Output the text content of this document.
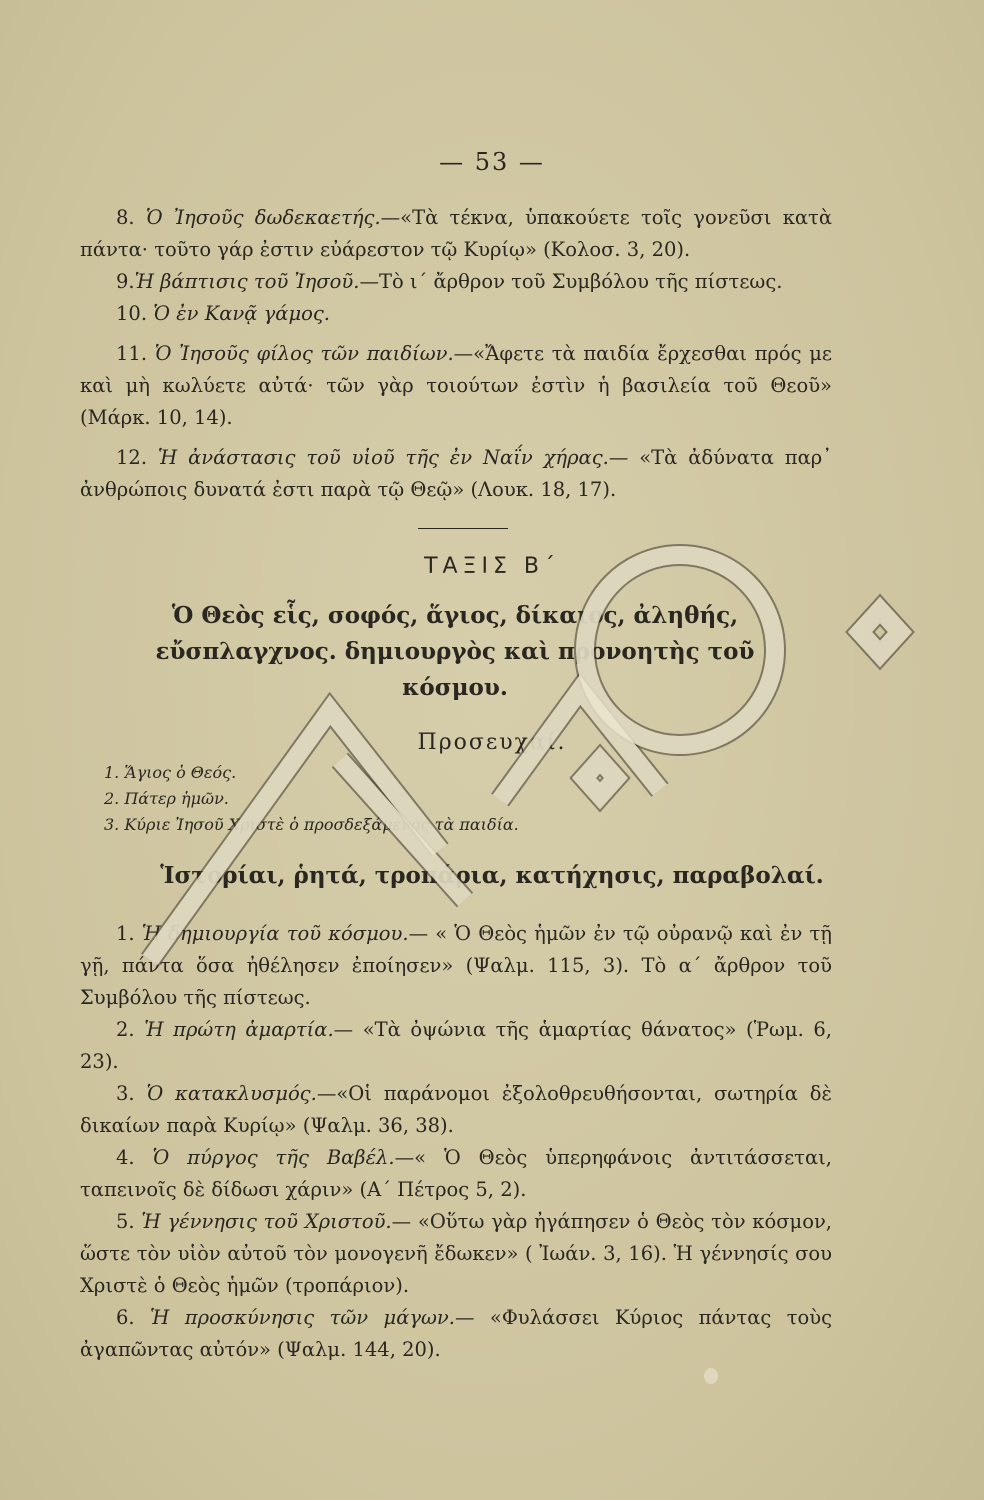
— 53 —

8. Ὁ Ἰησοῦς δωδεκαετής.—«Τὰ τέκνα, ὑπακούετε τοῖς γονεῦσι κατὰ πάντα· τοῦτο γάρ ἐστιν εὐάρεστον τῷ Κυρίῳ» (Κολοσ. 3, 20).

9.Ἡ βάπτισις τοῦ Ἰησοῦ.—Τὸ ι΄ ἄρθρον τοῦ Συμβόλου τῆς πίστεως.

10. Ὁ ἐν Κανᾷ γάμος.

11. Ὁ Ἰησοῦς φίλος τῶν παιδίων.—«Ἄφετε τὰ παιδία ἔρχεσθαι πρός με καὶ μὴ κωλύετε αὐτά· τῶν γὰρ τοιούτων ἐστὶν ἡ βασιλεία τοῦ Θεοῦ» (Μάρκ. 10, 14).

12. Ἡ ἀνάστασις τοῦ υἱοῦ τῆς ἐν Ναΐν χήρας.— «Τὰ ἀδύνατα παρ᾽ ἀνθρώποις δυνατά ἐστι παρὰ τῷ Θεῷ» (Λουκ. 18, 17).

ΤΑΞΙΣ Β΄
Ὁ Θεὸς εἷς, σοφός, ἅγιος, δίκαιος, ἀληθής, εὔσπλαγχνος. δημιουργὸς καὶ προνοητὴς τοῦ κόσμου.
Προσευχαί.
1. Ἅγιος ὁ Θεός.
2. Πάτερ ἡμῶν.
3. Κύριε Ἰησοῦ Χριστὲ ὁ προσδεξάμενος τὰ παιδία.
Ἱστορίαι, ῥητά, τροπάρια, κατήχησις, παραβολαί.

1. Ἡ δημιουργία τοῦ κόσμου.— « Ὁ Θεὸς ἡμῶν ἐν τῷ οὐρανῷ καὶ ἐν τῇ γῇ, πάντα ὅσα ἠθέλησεν ἐποίησεν» (Ψαλμ. 115, 3). Τὸ α΄ ἄρθρον τοῦ Συμβόλου τῆς πίστεως.

2. Ἡ πρώτη ἁμαρτία.— «Τὰ ὀψώνια τῆς ἁμαρτίας θάνατος» (Ῥωμ. 6, 23).

3. Ὁ κατακλυσμός.—«Οἱ παράνομοι ἐξολοθρευθήσονται, σωτηρία δὲ δικαίων παρὰ Κυρίῳ» (Ψαλμ. 36, 38).

4. Ὁ πύργος τῆς Βαβέλ.—« Ὁ Θεὸς ὑπερηφάνοις ἀντιτάσσεται, ταπεινοῖς δὲ δίδωσι χάριν» (Α΄ Πέτρος 5, 2).

5. Ἡ γέννησις τοῦ Χριστοῦ.— «Οὕτω γὰρ ἠγάπησεν ὁ Θεὸς τὸν κόσμον, ὥστε τὸν υἱὸν αὐτοῦ τὸν μονογενῆ ἔδωκεν» ( Ἰωάν. 3, 16). Ἡ γέννησίς σου Χριστὲ ὁ Θεὸς ἡμῶν (τροπάριον).

6. Ἡ προσκύνησις τῶν μάγων.— «Φυλάσσει Κύριος πάντας τοὺς ἀγαπῶντας αὐτόν» (Ψαλμ. 144, 20).
